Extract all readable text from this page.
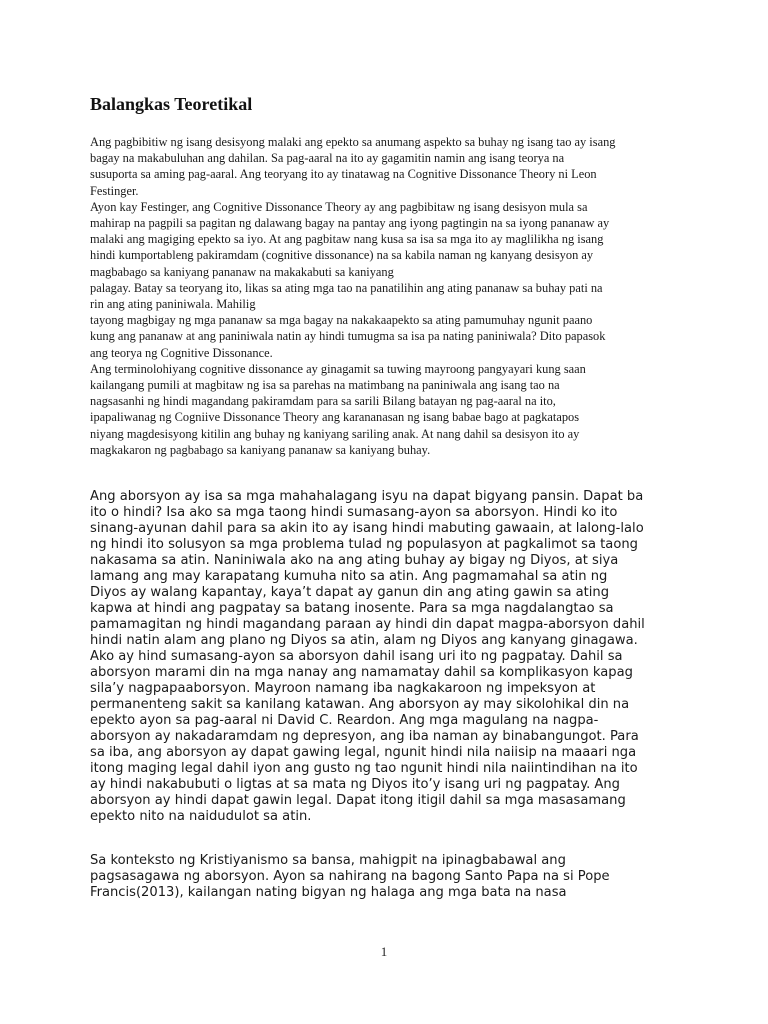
Balangkas Teoretikal
Ang pagbibitiw ng isang desisyong malaki ang epekto sa anumang aspekto sa buhay ng isang tao ay isang
bagay na makabuluhan ang dahilan. Sa pag-aaral na ito ay gagamitin namin ang isang teorya na
susuporta sa aming pag-aaral. Ang teoryang ito ay tinatawag na Cognitive Dissonance Theory ni Leon
Festinger.
Ayon kay Festinger, ang Cognitive Dissonance Theory ay ang pagbibitaw ng isang desisyon mula sa
mahirap na pagpili sa pagitan ng dalawang bagay na pantay ang iyong pagtingin na sa iyong pananaw ay
malaki ang magiging epekto sa iyo. At ang pagbitaw nang kusa sa isa sa mga ito ay maglilikha ng isang
hindi kumportableng pakiramdam (cognitive dissonance) na sa kabila naman ng kanyang desisyon ay
magbabago sa kaniyang pananaw na makakabuti sa kaniyang
palagay. Batay sa teoryang ito, likas sa ating mga tao na panatilihin ang ating pananaw sa buhay pati na
rin ang ating paniniwala. Mahilig
tayong magbigay ng mga pananaw sa mga bagay na nakakaapekto sa ating pamumuhay ngunit paano
kung ang pananaw at ang paniniwala natin ay hindi tumugma sa isa pa nating paniniwala? Dito papasok
ang teorya ng Cognitive Dissonance.
Ang terminolohiyang cognitive dissonance ay ginagamit sa tuwing mayroong pangyayari kung saan
kailangang pumili at magbitaw ng isa sa parehas na matimbang na paniniwala ang isang tao na
nagsasanhi ng hindi magandang pakiramdam para sa sarili Bilang batayan ng pag-aaral na ito,
ipapaliwanag ng Cogniive Dissonance Theory ang karananasan ng isang babae bago at pagkatapos
niyang magdesisyong kitilin ang buhay ng kaniyang sariling anak. At nang dahil sa desisyon ito ay
magkakaron ng pagbabago sa kaniyang pananaw sa kaniyang buhay.
Ang aborsyon ay isa sa mga mahahalagang isyu na dapat bigyang pansin. Dapat ba
ito o hindi? Isa ako sa mga taong hindi sumasang-ayon sa aborsyon. Hindi ko ito
sinang-ayunan dahil para sa akin ito ay isang hindi mabuting gawaain, at lalong-lalo
ng hindi ito solusyon sa mga problema tulad ng populasyon at pagkalimot sa taong
nakasama sa atin. Naniniwala ako na ang ating buhay ay bigay ng Diyos, at siya
lamang ang may karapatang kumuha nito sa atin. Ang pagmamahal sa atin ng
Diyos ay walang kapantay, kaya’t dapat ay ganun din ang ating gawin sa ating
kapwa at hindi ang pagpatay sa batang inosente. Para sa mga nagdalangtao sa
pamamagitan ng hindi magandang paraan ay hindi din dapat magpa-aborsyon dahil
hindi natin alam ang plano ng Diyos sa atin, alam ng Diyos ang kanyang ginagawa.
Ako ay hind sumasang-ayon sa aborsyon dahil isang uri ito ng pagpatay. Dahil sa
aborsyon marami din na mga nanay ang namamatay dahil sa komplikasyon kapag
sila’y nagpapaaborsyon. Mayroon namang iba nagkakaroon ng impeksyon at
permanenteng sakit sa kanilang katawan. Ang aborsyon ay may sikolohikal din na
epekto ayon sa pag-aaral ni David C. Reardon. Ang mga magulang na nagpa-
aborsyon ay nakadaramdam ng depresyon, ang iba naman ay binabangungot. Para
sa iba, ang aborsyon ay dapat gawing legal, ngunit hindi nila naiisip na maaari nga
itong maging legal dahil iyon ang gusto ng tao ngunit hindi nila naiintindihan na ito
ay hindi nakabubuti o ligtas at sa mata ng Diyos ito’y isang uri ng pagpatay. Ang
aborsyon ay hindi dapat gawin legal. Dapat itong itigil dahil sa mga masasamang
epekto nito na naidudulot sa atin.
Sa konteksto ng Kristiyanismo sa bansa, mahigpit na ipinagbabawal ang
pagsasagawa ng aborsyon. Ayon sa nahirang na bagong Santo Papa na si Pope
Francis(2013), kailangan nating bigyan ng halaga ang mga bata na nasa
1
